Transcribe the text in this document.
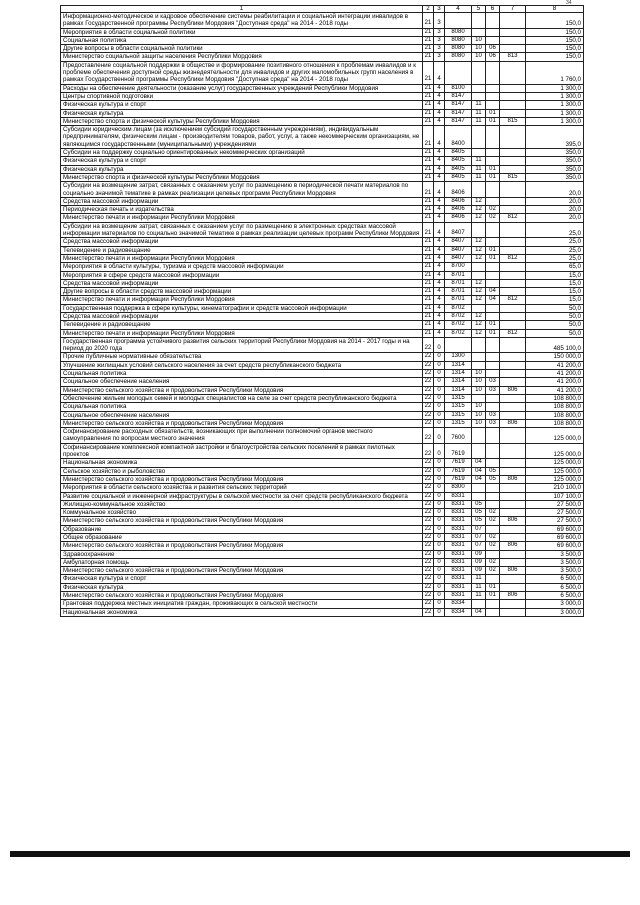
34
1	2	3	4	5	6	7	8
Информационно-методическое и кадровое обеспечение системы реабилитации и социальной интеграции инвалидов в рамках Государственной программы Республики Мордовия "Доступная среда" на 2014 - 2018 годы	21	3					150,0
Мероприятия в области социальной политики	21	3	8080				150,0
Социальная политика	21	3	8080	10			150,0
Другие вопросы в области социальной политики	21	3	8080	10	06		150,0
Министерство социальной защиты населения Республики Мордовия	21	3	8080	10	06	813	150,0
Предоставление социальной поддержки в обществе и формирование позитивного отношения к проблемам инвалидов и к проблеме обеспечения доступной среды жизнедеятельности для инвалидов и других маломобильных групп населения в рамках Государственной программы Республики Мордовия "Доступная среда" на 2014 - 2018 годы	21	4					1 760,0
Расходы на обеспечение деятельности (оказание услуг) государственных учреждений Республики Мордовия	21	4	8100				1 300,0
Центры спортивной подготовки	21	4	8147				1 300,0
Физическая культура и спорт	21	4	8147	11			1 300,0
Физическая культура	21	4	8147	11	01		1 300,0
Министерство спорта и физической культуры Республики Мордовия	21	4	8147	11	01	815	1 300,0
Субсидии юридическим лицам (за исключением субсидий государственным учреждениям), индивидуальным предпринимателям, физическим лицам - производителям товаров, работ, услуг, а также некоммерческим организациям, не являющимся государственными (муниципальными) учреждениями	21	4	8400				395,0
Субсидии на поддержку социально ориентированных некоммерческих организаций	21	4	8405				350,0
Физическая культура и спорт	21	4	8405	11			350,0
Физическая культура	21	4	8405	11	01		350,0
Министерство спорта и физической культуры Республики Мордовия	21	4	8405	11	01	815	350,0
Субсидии на возмещение затрат, связанных с оказанием услуг по размещению в периодической печати материалов по социально значимой тематике в рамках реализации целевых программ Республики Мордовия	21	4	8406				20,0
Средства массовой информации	21	4	8406	12			20,0
Периодическая печать и издательства	21	4	8406	12	02		20,0
Министерство печати и информации Республики Мордовия	21	4	8406	12	02	812	20,0
Субсидии на возмещение затрат, связанных с оказанием услуг по размещению в электронных средствах массовой информации материалов по социально значимой тематике в рамках реализации целевых программ Республики Мордовия	21	4	8407				25,0
Средства массовой информации	21	4	8407	12			25,0
Телевидение и радиовещание	21	4	8407	12	01		25,0
Министерство печати и информации Республики Мордовия	21	4	8407	12	01	812	25,0
Мероприятия в области культуры, туризма и средств массовой информации	21	4	8700				65,0
Мероприятия в сфере средств массовой информации	21	4	8701				15,0
Средства массовой информации	21	4	8701	12			15,0
Другие вопросы в области средств массовой информации	21	4	8701	12	04		15,0
Министерство печати и информации Республики Мордовия	21	4	8701	12	04	812	15,0
Государственная поддержка в сфере культуры, кинематографии и средств массовой информации	21	4	8702				50,0
Средства массовой информации	21	4	8702	12			50,0
Телевидение и радиовещание	21	4	8702	12	01		50,0
Министерство печати и информации Республики Мордовия	21	4	8702	12	01	812	50,0
Государственная программа устойчивого развития сельских территорий Республики Мордовия на 2014 - 2017 годы и на период до 2020 года	22	0					485 100,0
Прочие публичные нормативные обязательства	22	0	1300				150 000,0
Улучшение жилищных условий сельского населения за счет средств республиканского бюджета	22	0	1314				41 200,0
Социальная политика	22	0	1314	10			41 200,0
Социальное обеспечение населения	22	0	1314	10	03		41 200,0
Министерство сельского хозяйства и продовольствия Республики Мордовия	22	0	1314	10	03	806	41 200,0
Обеспечение жильем молодых семей и молодых специалистов на селе за счет средств республиканского бюджета	22	0	1315				108 800,0
Социальная политика	22	0	1315	10			108 800,0
Социальное обеспечение населения	22	0	1315	10	03		108 800,0
Министерство сельского хозяйства и продовольствия Республики Мордовия	22	0	1315	10	03	806	108 800,0
Софинансирование расходных обязательств, возникающих при выполнении полномочий органов местного самоуправления по вопросам местного значения	22	0	7600				125 000,0
Софинансирование комплексной компактной застройки и благоустройства сельских поселений в рамках пилотных проектов	22	0	7619				125 000,0
Национальная экономика	22	0	7619	04			125 000,0
Сельское хозяйство и рыболовство	22	0	7619	04	05		125 000,0
Министерство сельского хозяйства и продовольствия Республики Мордовия	22	0	7619	04	05	806	125 000,0
Мероприятия в области сельского хозяйства и развития сельских территорий	22	0	8300				210 100,0
Развитие социальной и инженерной инфраструктуры в сельской местности за счет средств республиканского бюджета	22	0	8331				107 100,0
Жилищно-коммунальное хозяйство	22	0	8331	05			27 500,0
Коммунальное хозяйство	22	0	8331	05	02		27 500,0
Министерство сельского хозяйства и продовольствия Республики Мордовия	22	0	8331	05	02	806	27 500,0
Образование	22	0	8331	07			69 600,0
Общее образование	22	0	8331	07	02		69 600,0
Министерство сельского хозяйства и продовольствия Республики Мордовия	22	0	8331	07	02	806	69 600,0
Здравоохранение	22	0	8331	09			3 500,0
Амбулаторная помощь	22	0	8331	09	02		3 500,0
Министерство сельского хозяйства и продовольствия Республики Мордовия	22	0	8331	09	02	806	3 500,0
Физическая культура и спорт	22	0	8331	11			6 500,0
Физическая культура	22	0	8331	11	01		6 500,0
Министерство сельского хозяйства и продовольствия Республики Мордовия	22	0	8331	11	01	806	6 500,0
Грантовая поддержка местных инициатив граждан, проживающих в сельской местности	22	0	8334				3 000,0
Национальная экономика	22	0	8334	04			3 000,0
